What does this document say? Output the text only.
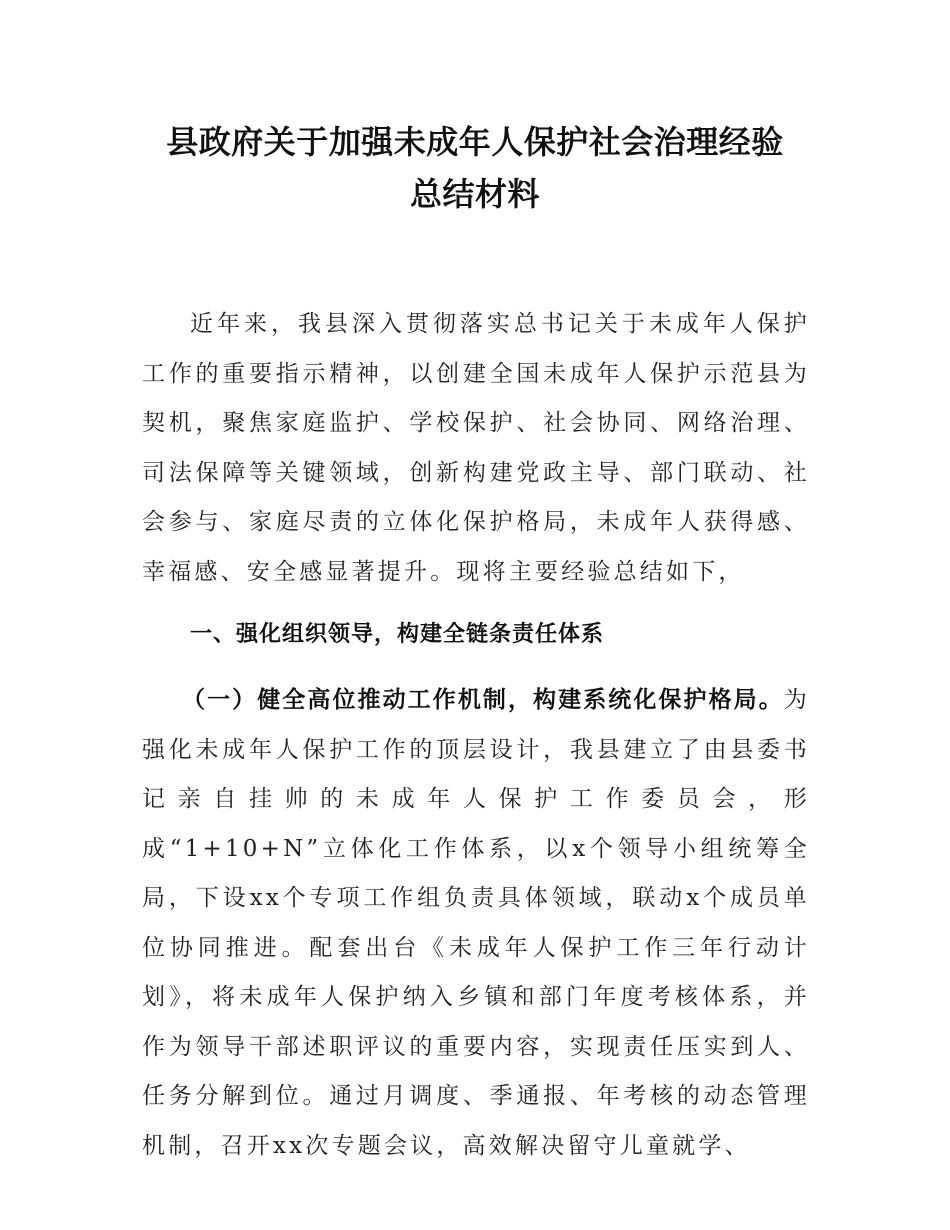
县政府关于加强未成年人保护社会治理经验
总结材料

近年来，我县深入贯彻落实总书记关于未成年人保护工作的重要指示精神，以创建全国未成年人保护示范县为契机，聚焦家庭监护、学校保护、社会协同、网络治理、司法保障等关键领域，创新构建党政主导、部门联动、社会参与、家庭尽责的立体化保护格局，未成年人获得感、幸福感、安全感显著提升。现将主要经验总结如下，

一、强化组织领导，构建全链条责任体系

（一）健全高位推动工作机制，构建系统化保护格局。为强化未成年人保护工作的顶层设计，我县建立了由县委书记亲自挂帅的未成年人保护工作委员会，形成“1+10+N”立体化工作体系，以x个领导小组统筹全局，下设xx个专项工作组负责具体领域，联动x个成员单位协同推进。配套出台《未成年人保护工作三年行动计划》，将未成年人保护纳入乡镇和部门年度考核体系，并作为领导干部述职评议的重要内容，实现责任压实到人、任务分解到位。通过月调度、季通报、年考核的动态管理机制，召开xx次专题会议，高效解决留守儿童就学、
